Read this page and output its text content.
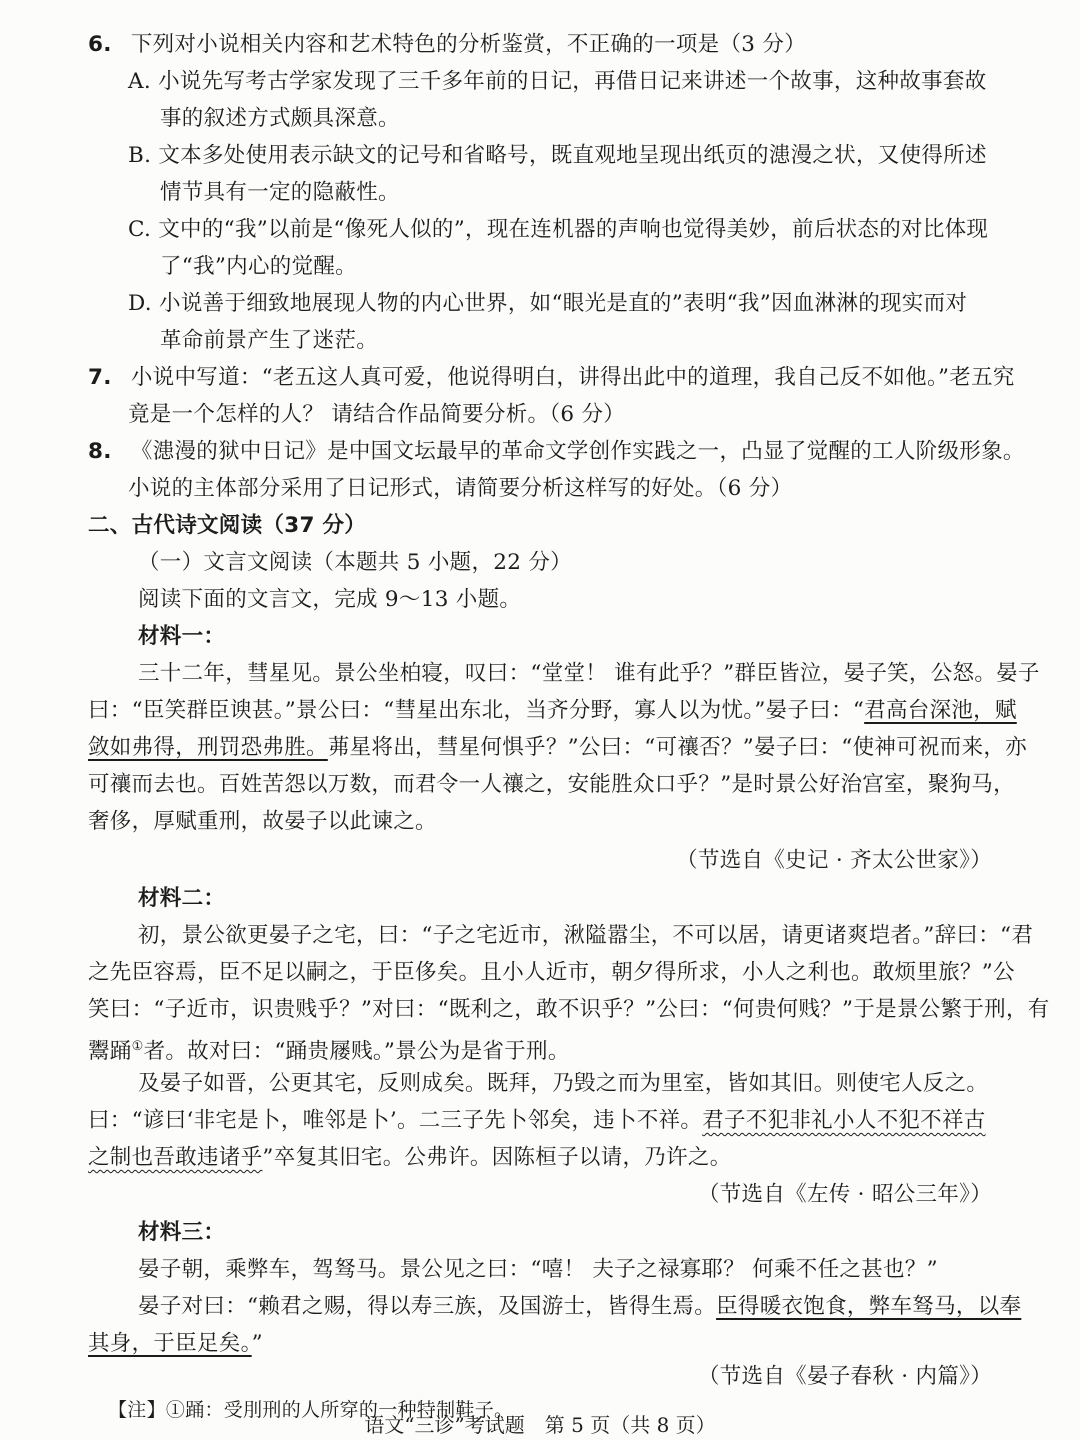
6. 下列对小说相关内容和艺术特色的分析鉴赏，不正确的一项是（3 分）
A. 小说先写考古学家发现了三千多年前的日记，再借日记来讲述一个故事，这种故事套故
事的叙述方式颇具深意。
B. 文本多处使用表示缺文的记号和省略号，既直观地呈现出纸页的漶漫之状，又使得所述
情节具有一定的隐蔽性。
C. 文中的“我”以前是“像死人似的”，现在连机器的声响也觉得美妙，前后状态的对比体现
了“我”内心的觉醒。
D. 小说善于细致地展现人物的内心世界，如“眼光是直的”表明“我”因血淋淋的现实而对
革命前景产生了迷茫。
7. 小说中写道：“老五这人真可爱，他说得明白，讲得出此中的道理，我自己反不如他。”老五究
竟是一个怎样的人？ 请结合作品简要分析。（6 分）
8. 《漶漫的狱中日记》是中国文坛最早的革命文学创作实践之一，凸显了觉醒的工人阶级形象。
小说的主体部分采用了日记形式，请简要分析这样写的好处。（6 分）
二、古代诗文阅读（37 分）
（一）文言文阅读（本题共 5 小题，22 分）
阅读下面的文言文，完成 9～13 小题。
材料一：
三十二年，彗星见。景公坐柏寝，叹曰：“堂堂！ 谁有此乎？”群臣皆泣，晏子笑，公怒。晏子
曰：“臣笑群臣谀甚。”景公曰：“彗星出东北，当齐分野，寡人以为忧。”晏子曰：“君高台深池，赋
敛如弗得，刑罚恐弗胜。茀星将出，彗星何惧乎？”公曰：“可禳否？”晏子曰：“使神可祝而来，亦
可禳而去也。百姓苦怨以万数，而君令一人禳之，安能胜众口乎？”是时景公好治宫室，聚狗马，
奢侈，厚赋重刑，故晏子以此谏之。
（节选自《史记 · 齐太公世家》）
材料二：
初，景公欲更晏子之宅，曰：“子之宅近市，湫隘嚣尘，不可以居，请更诸爽垲者。”辞曰：“君
之先臣容焉，臣不足以嗣之，于臣侈矣。且小人近市，朝夕得所求，小人之利也。敢烦里旅？”公
笑曰：“子近市，识贵贱乎？”对曰：“既利之，敢不识乎？”公曰：“何贵何贱？”于是景公繁于刑，有
鬻踊①者。故对曰：“踊贵屦贱。”景公为是省于刑。
及晏子如晋，公更其宅，反则成矣。既拜，乃毁之而为里室，皆如其旧。则使宅人反之。
曰：“谚曰‘非宅是卜，唯邻是卜’。二三子先卜邻矣，违卜不祥。君子不犯非礼小人不犯不祥古
之制也吾敢违诸乎”卒复其旧宅。公弗许。因陈桓子以请，乃许之。
（节选自《左传 · 昭公三年》）
材料三：
晏子朝，乘弊车，驾驽马。景公见之曰：“嘻！ 夫子之禄寡耶？ 何乘不任之甚也？”
晏子对曰：“赖君之赐，得以寿三族，及国游士，皆得生焉。臣得暖衣饱食，弊车驽马，以奉
其身，于臣足矣。”
（节选自《晏子春秋 · 内篇》）
【注】①踊：受刖刑的人所穿的一种特制鞋子。
语文“三诊”考试题　第 5 页（共 8 页）
